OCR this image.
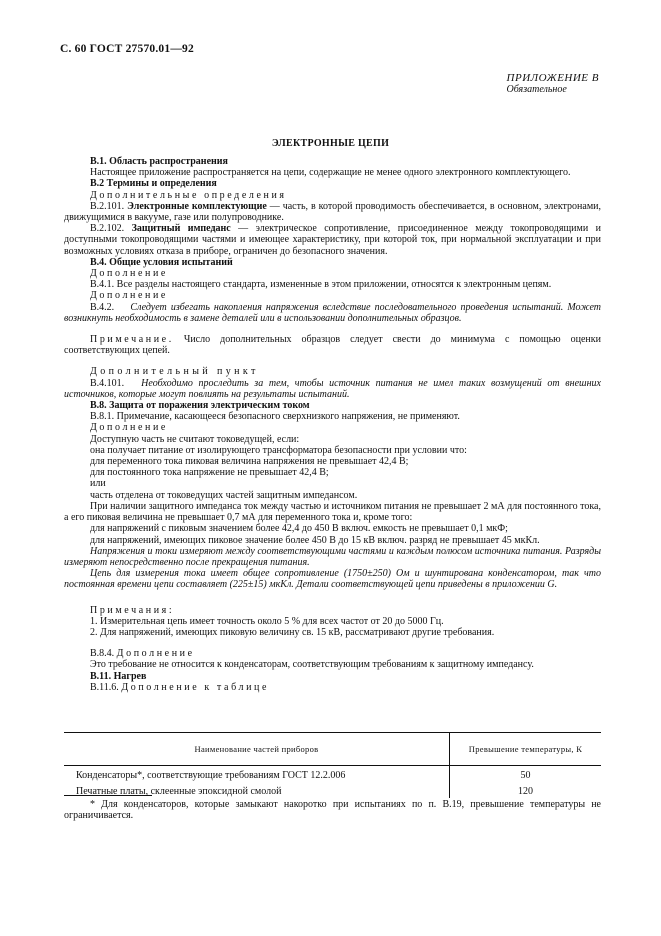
С. 60 ГОСТ 27570.01—92
ПРИЛОЖЕНИЕ В
Обязательное
ЭЛЕКТРОННЫЕ ЦЕПИ

В.1. Область распространения

Настоящее приложение распространяется на цепи, содержащие не менее одного электронного комплектующего.

В.2 Термины и определения

Дополнительные определения

В.2.101. Электронные комплектующие — часть, в которой проводимость обеспечивается, в основном, электронами, движущимися в вакууме, газе или полупроводнике.

В.2.102. Защитный импеданс — электрическое сопротивление, присоединенное между токопроводящими и доступными токопроводящими частями и имеющее характеристику, при которой ток, при нормальной эксплуатации и при возможных условиях отказа в приборе, ограничен до безопасного значения.

В.4. Общие условия испытаний

Дополнение

В.4.1. Все разделы настоящего стандарта, измененные в этом приложении, относятся к электронным цепям.

Дополнение

В.4.2. Следует избегать накопления напряжения вследствие последовательного проведения испытаний. Может возникнуть необходимость в замене деталей или в использовании дополнительных образцов.

Примечание. Число дополнительных образцов следует свести до минимума с помощью оценки соответствующих цепей.

Дополнительный пункт

В.4.101. Необходимо проследить за тем, чтобы источник питания не имел таких возмущений от внешних источников, которые могут повлиять на результаты испытаний.

В.8. Защита от поражения электрическим током

В.8.1. Примечание, касающееся безопасного сверхнизкого напряжения, не применяют.

Дополнение

Доступную часть не считают токоведущей, если:

она получает питание от изолирующего трансформатора безопасности при условии что:

для переменного тока пиковая величина напряжения не превышает 42,4 В;

для постоянного тока напряжение не превышает 42,4 В;

или

часть отделена от токоведущих частей защитным импедансом.

При наличии защитного импеданса ток между частью и источником питания не превышает 2 мА для постоянного тока, а его пиковая величина не превышает 0,7 мА для переменного тока и, кроме того:

для напряжений с пиковым значением более 42,4 до 450 В включ. емкость не превышает 0,1 мкФ;

для напряжений, имеющих пиковое значение более 450 В до 15 кВ включ. разряд не превышает 45 мкКл.

Напряжения и токи измеряют между соответствующими частями и каждым полюсом источника питания. Разряды измеряют непосредственно после прекращения питания.

Цепь для измерения тока имеет общее сопротивление (1750±250) Ом и шунтирована конденсатором, так что постоянная времени цепи составляет (225±15) мкКл. Детали соответствующей цепи приведены в приложении G.

Примечания:

1. Измерительная цепь имеет точность около 5 % для всех частот от 20 до 5000 Гц.

2. Для напряжений, имеющих пиковую величину св. 15 кВ, рассматривают другие требования.

В.8.4. Дополнение

Это требование не относится к конденсаторам, соответствующим требованиям к защитному импедансу.

В.11. Нагрев

В.11.6. Дополнение к таблице

Наименование частей приборов	Превышение температуры, К
Конденсаторы*, соответствующие требованиям ГОСТ 12.2.006	50
Печатные платы, склеенные эпоксидной смолой	120

* Для конденсаторов, которые замыкают накоротко при испытаниях по п. В.19, превышение температуры не ограничивается.
